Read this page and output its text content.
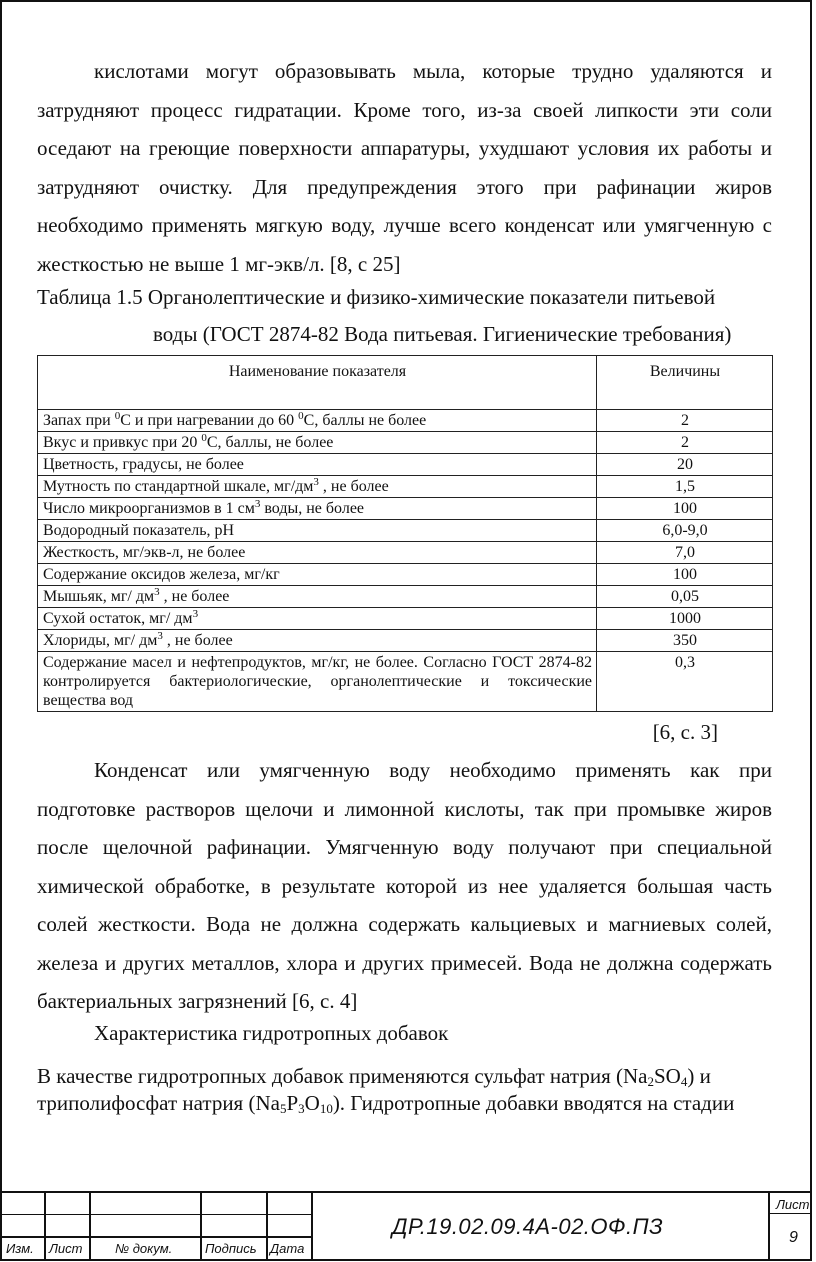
кислотами могут образовывать мыла, которые трудно удаляются и затрудняют процесс гидратации. Кроме того, из-за своей липкости эти соли оседают на греющие поверхности аппаратуры, ухудшают условия их работы и затрудняют очистку. Для предупреждения этого при рафинации жиров необходимо применять мягкую воду, лучше всего конденсат или умягченную с жесткостью не выше 1 мг-экв/л. [8, с 25]

Таблица 1.5 Органолептические и физико-химические показатели питьевой
воды (ГОСТ 2874-82 Вода питьевая. Гигиенические требования)
Наименование показателя	Величины
Запах при $^0$С и при нагревании до 60 $^0$С, баллы не более	2
Вкус и привкус при 20 $^0$С, баллы, не более	2
Цветность, градусы, не более	20
Мутность по стандартной шкале, $мг/дм^3$ , не более	1,5
Число микроорганизмов в 1 $см^3$ воды, не более	100
Водородный показатель, pH	6,0-9,0
Жесткость, мг/экв-л, не более	7,0
Содержание оксидов железа, мг/кг	100
Мышьяк, мг/ $дм^3$ , не более	0,05
Сухой остаток, мг/ $дм^3$	1000
Хлориды, мг/ $дм^3$ , не более	350
Содержание масел и нефтепродуктов, мг/кг, не более. Согласно ГОСТ 2874-82 контролируется бактериологические, органолептические и токсические вещества вод	0,3
[6, с. 3]

Конденсат или умягченную воду необходимо применять как при подготовке растворов щелочи и лимонной кислоты, так при промывке жиров после щелочной рафинации. Умягченную воду получают при специальной химической обработке, в результате которой из нее удаляется большая часть солей жесткости. Вода не должна содержать кальциевых и магниевых солей, железа и других металлов, хлора и других примесей. Вода не должна содержать бактериальных загрязнений [6, с. 4]

Характеристика гидротропных добавок

В качестве гидротропных добавок применяются сульфат натрия $(Na_2SO_4)$ и
триполифосфат натрия $(Na_5P_3O_{10})$. Гидротропные добавки вводятся на стадии

Изм. Лист	№ докум.	Подпись Дата
ДР.19.02.09.4А-02.ОФ.ПЗ
Лист
9
